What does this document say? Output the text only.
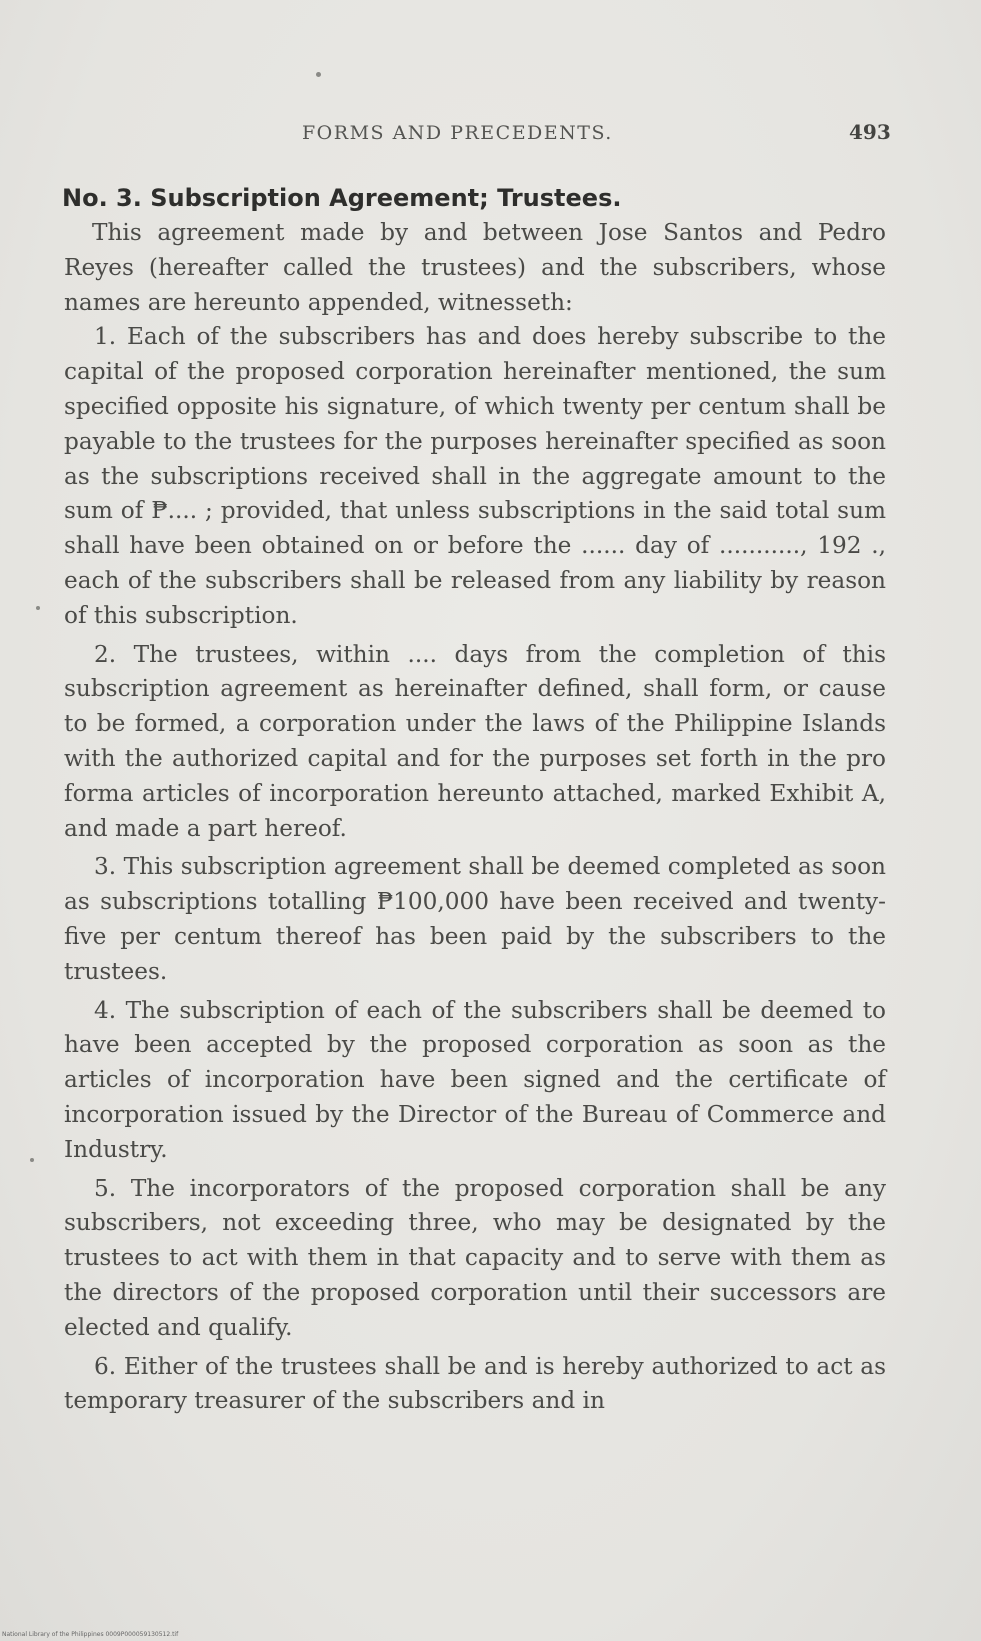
FORMS AND PRECEDENTS.	493
No. 3. Subscription Agreement; Trustees.

This agreement made by and between Jose Santos and Pedro Reyes (hereafter called the trustees) and the subscribers, whose names are hereunto appended, witnesseth:

1. Each of the subscribers has and does hereby subscribe to the capital of the proposed corporation hereinafter mentioned, the sum specified opposite his signature, of which twenty per centum shall be payable to the trustees for the purposes hereinafter specified as soon as the subscriptions received shall in the aggregate amount to the sum of ₱.... ; provided, that unless subscriptions in the said total sum shall have been obtained on or before the ...... day of ..........., 192 ., each of the subscribers shall be released from any liability by reason of this subscription.

2. The trustees, within .... days from the completion of this subscription agreement as hereinafter defined, shall form, or cause to be formed, a corporation under the laws of the Philippine Islands with the authorized capital and for the purposes set forth in the pro forma articles of incorporation hereunto attached, marked Exhibit A, and made a part hereof.

3. This subscription agreement shall be deemed completed as soon as subscriptions totalling ₱100,000 have been received and twenty-five per centum thereof has been paid by the subscribers to the trustees.

4. The subscription of each of the subscribers shall be deemed to have been accepted by the proposed corporation as soon as the articles of incorporation have been signed and the certificate of incorporation issued by the Director of the Bureau of Commerce and Industry.

5. The incorporators of the proposed corporation shall be any subscribers, not exceeding three, who may be designated by the trustees to act with them in that capacity and to serve with them as the directors of the proposed corporation until their successors are elected and qualify.

6. Either of the trustees shall be and is hereby authorized to act as temporary treasurer of the subscribers and in

National Library of the Philippines 0009P000059130512.tif
